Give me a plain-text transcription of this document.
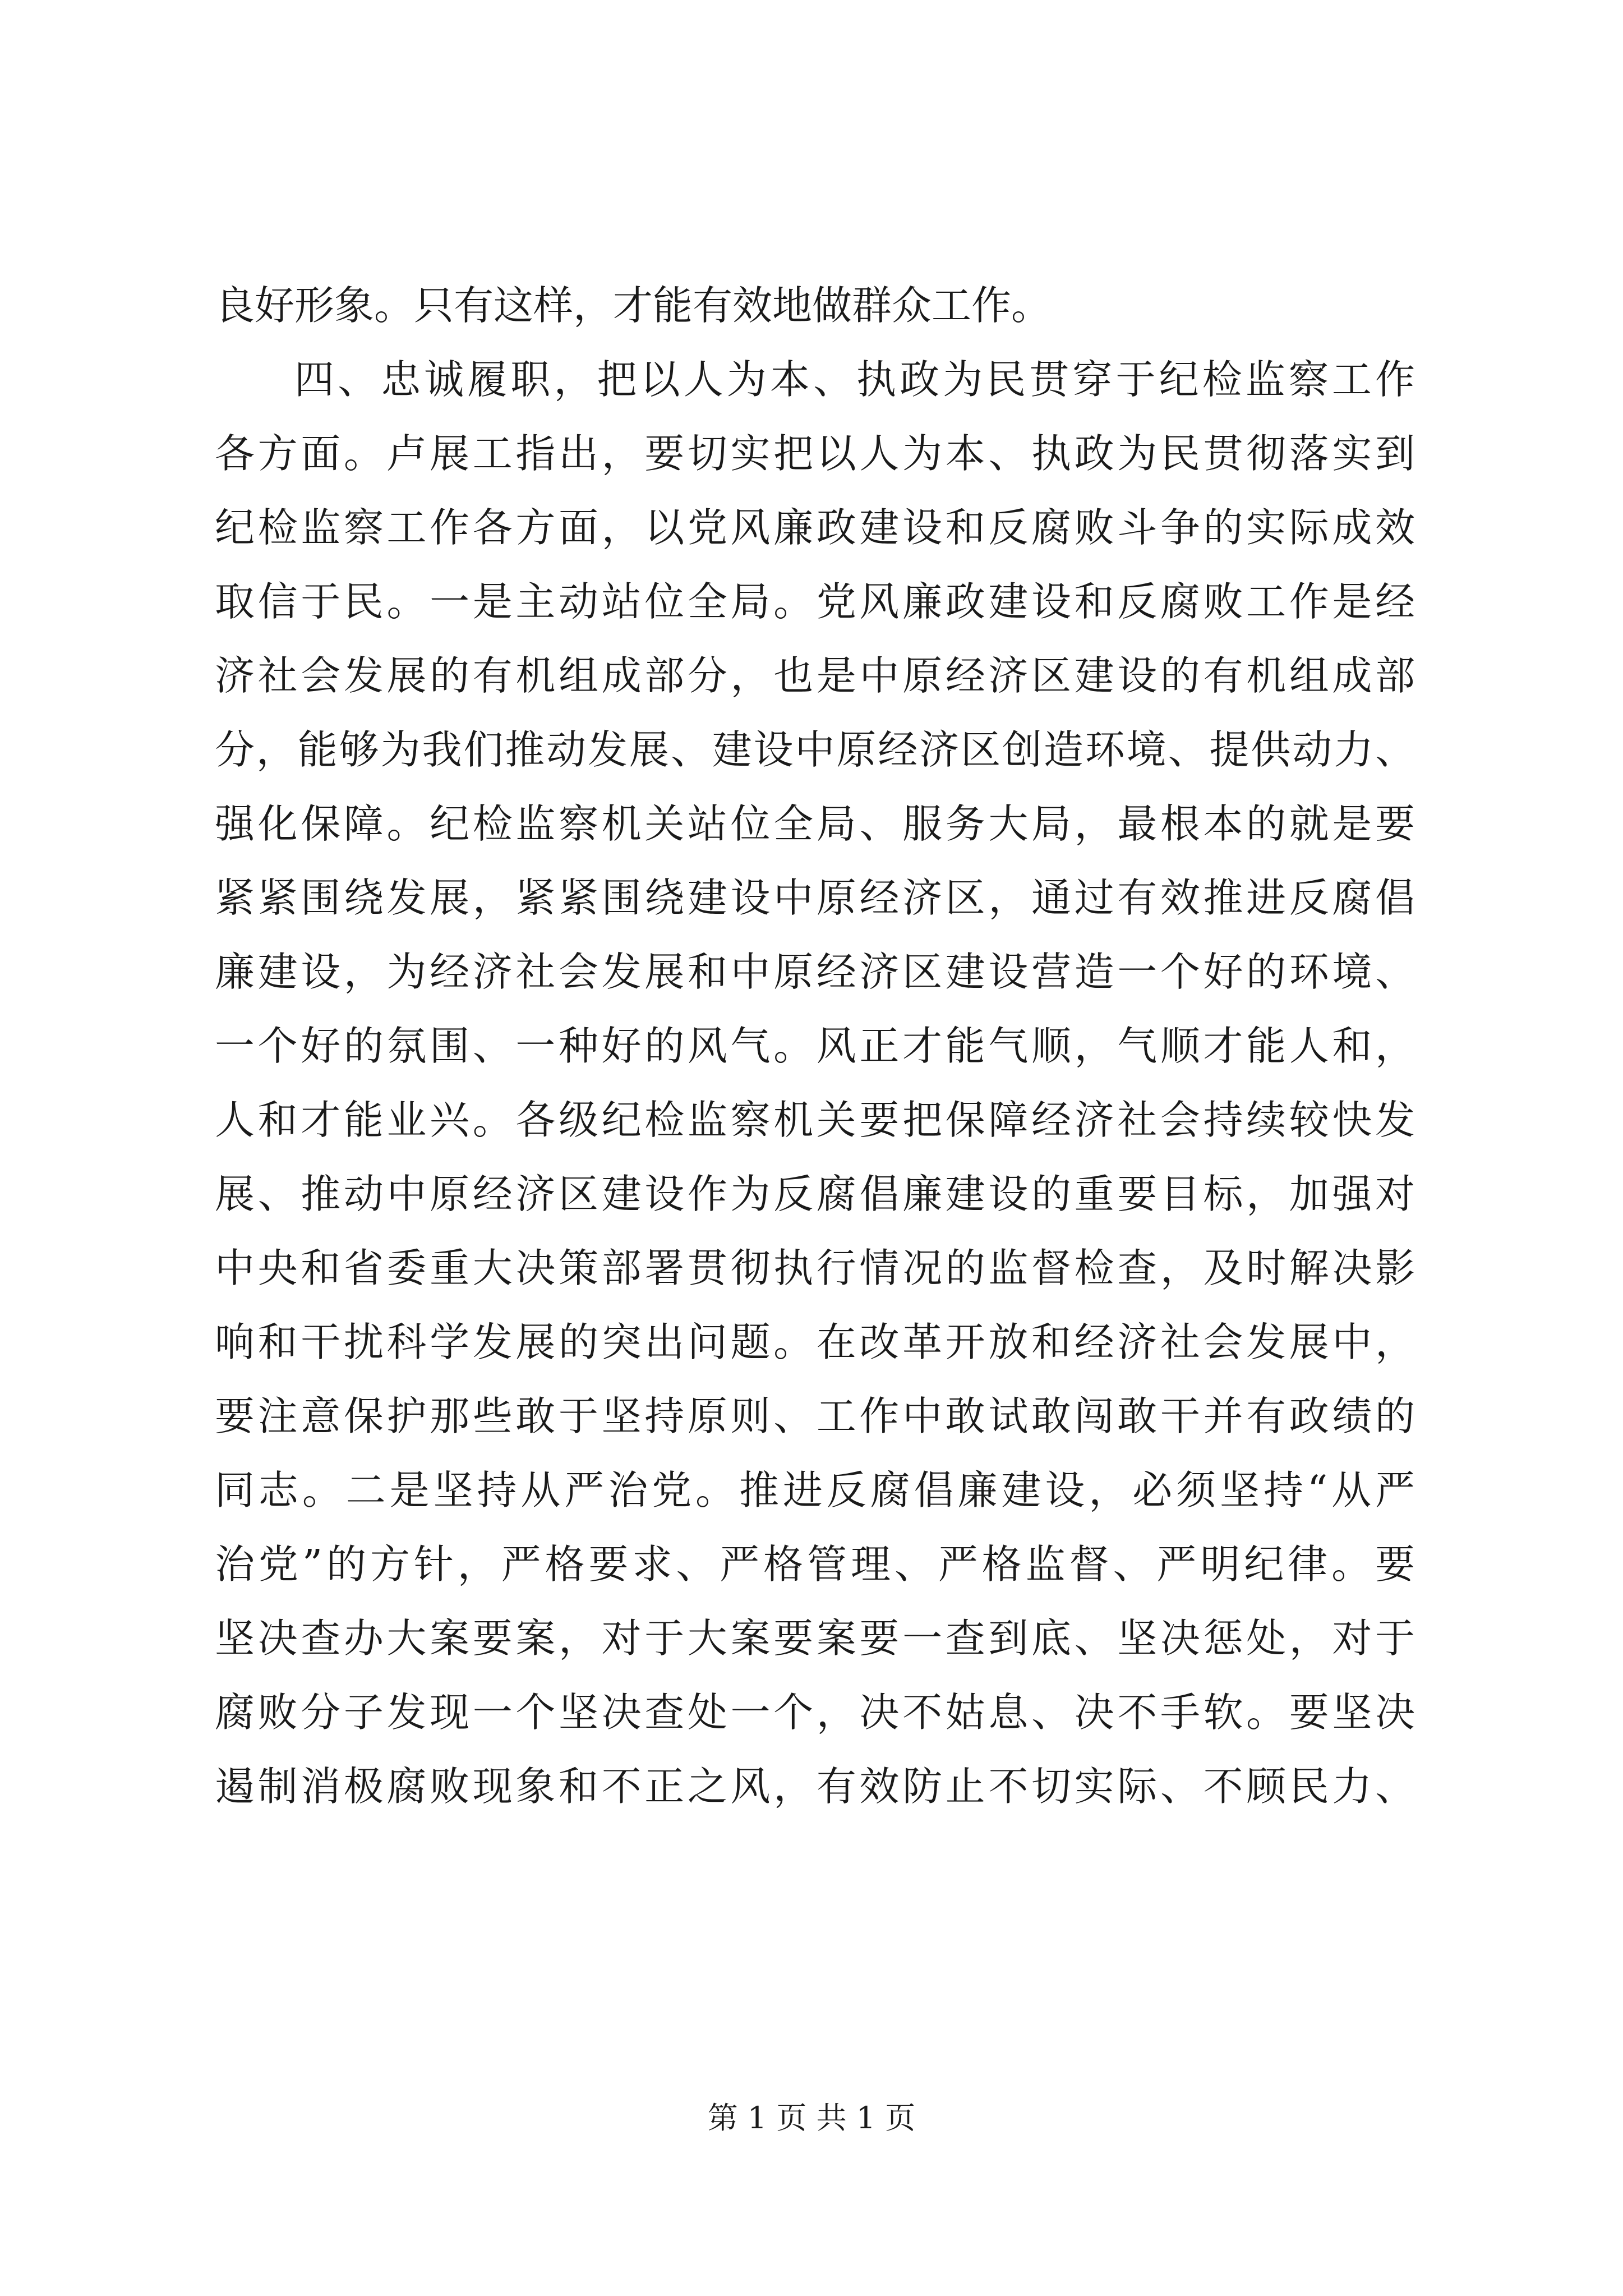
良好形象。只有这样，才能有效地做群众工作。
四、忠诚履职，把以人为本、执政为民贯穿于纪检监察工作
各方面。卢展工指出，要切实把以人为本、执政为民贯彻落实到
纪检监察工作各方面，以党风廉政建设和反腐败斗争的实际成效
取信于民。一是主动站位全局。党风廉政建设和反腐败工作是经
济社会发展的有机组成部分，也是中原经济区建设的有机组成部
分，能够为我们推动发展、建设中原经济区创造环境、提供动力、
强化保障。纪检监察机关站位全局、服务大局，最根本的就是要
紧紧围绕发展，紧紧围绕建设中原经济区，通过有效推进反腐倡
廉建设，为经济社会发展和中原经济区建设营造一个好的环境、
一个好的氛围、一种好的风气。风正才能气顺，气顺才能人和，
人和才能业兴。各级纪检监察机关要把保障经济社会持续较快发
展、推动中原经济区建设作为反腐倡廉建设的重要目标，加强对
中央和省委重大决策部署贯彻执行情况的监督检查，及时解决影
响和干扰科学发展的突出问题。在改革开放和经济社会发展中，
要注意保护那些敢于坚持原则、工作中敢试敢闯敢干并有政绩的
同志。二是坚持从严治党。推进反腐倡廉建设，必须坚持“从严
治党”的方针，严格要求、严格管理、严格监督、严明纪律。要
坚决查办大案要案，对于大案要案要一查到底、坚决惩处，对于
腐败分子发现一个坚决查处一个，决不姑息、决不手软。要坚决
遏制消极腐败现象和不正之风，有效防止不切实际、不顾民力、
第 1 页 共 1 页
